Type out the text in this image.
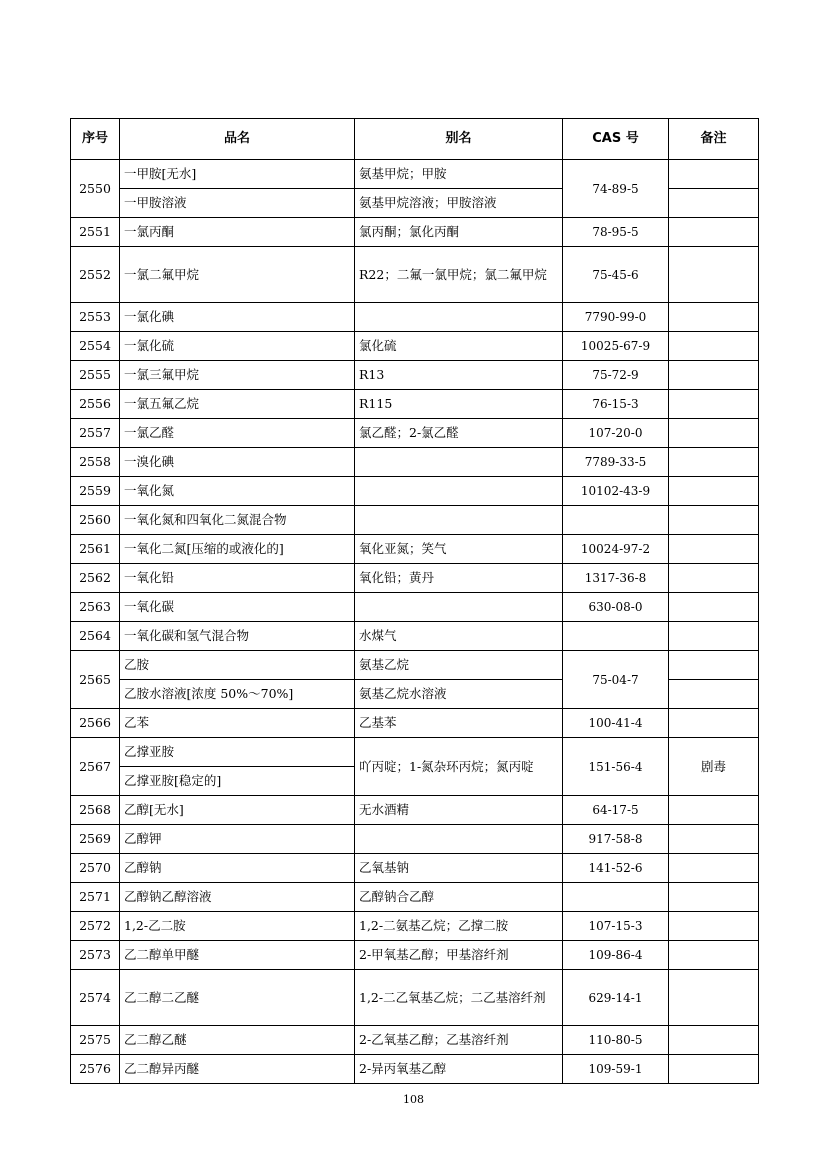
序号	品名	别名	CAS 号	备注
2550	一甲胺[无水]	氨基甲烷；甲胺	74-89-5	
	一甲胺溶液	氨基甲烷溶液；甲胺溶液		
2551	一氯丙酮	氯丙酮；氯化丙酮	78-95-5	
2552	一氯二氟甲烷	R22；二氟一氯甲烷；氯二氟甲烷	75-45-6	
2553	一氯化碘		7790-99-0	
2554	一氯化硫	氯化硫	10025-67-9	
2555	一氯三氟甲烷	R13	75-72-9	
2556	一氯五氟乙烷	R115	76-15-3	
2557	一氯乙醛	氯乙醛；2-氯乙醛	107-20-0	
2558	一溴化碘		7789-33-5	
2559	一氧化氮		10102-43-9	
2560	一氧化氮和四氧化二氮混合物			
2561	一氧化二氮[压缩的或液化的]	氧化亚氮；笑气	10024-97-2	
2562	一氧化铅	氧化铅；黄丹	1317-36-8	
2563	一氧化碳		630-08-0	
2564	一氧化碳和氢气混合物	水煤气		
2565	乙胺	氨基乙烷	75-04-7	
	乙胺水溶液[浓度 50%～70%]	氨基乙烷水溶液		
2566	乙苯	乙基苯	100-41-4	
2567	乙撑亚胺	吖丙啶；1-氮杂环丙烷；氮丙啶	151-56-4	剧毒
	乙撑亚胺[稳定的]			
2568	乙醇[无水]	无水酒精	64-17-5	
2569	乙醇钾		917-58-8	
2570	乙醇钠	乙氧基钠	141-52-6	
2571	乙醇钠乙醇溶液	乙醇钠合乙醇		
2572	1,2-乙二胺	1,2-二氨基乙烷；乙撑二胺	107-15-3	
2573	乙二醇单甲醚	2-甲氧基乙醇；甲基溶纤剂	109-86-4	
2574	乙二醇二乙醚	1,2-二乙氧基乙烷；二乙基溶纤剂	629-14-1	
2575	乙二醇乙醚	2-乙氧基乙醇；乙基溶纤剂	110-80-5	
2576	乙二醇异丙醚	2-异丙氧基乙醇	109-59-1	
108
